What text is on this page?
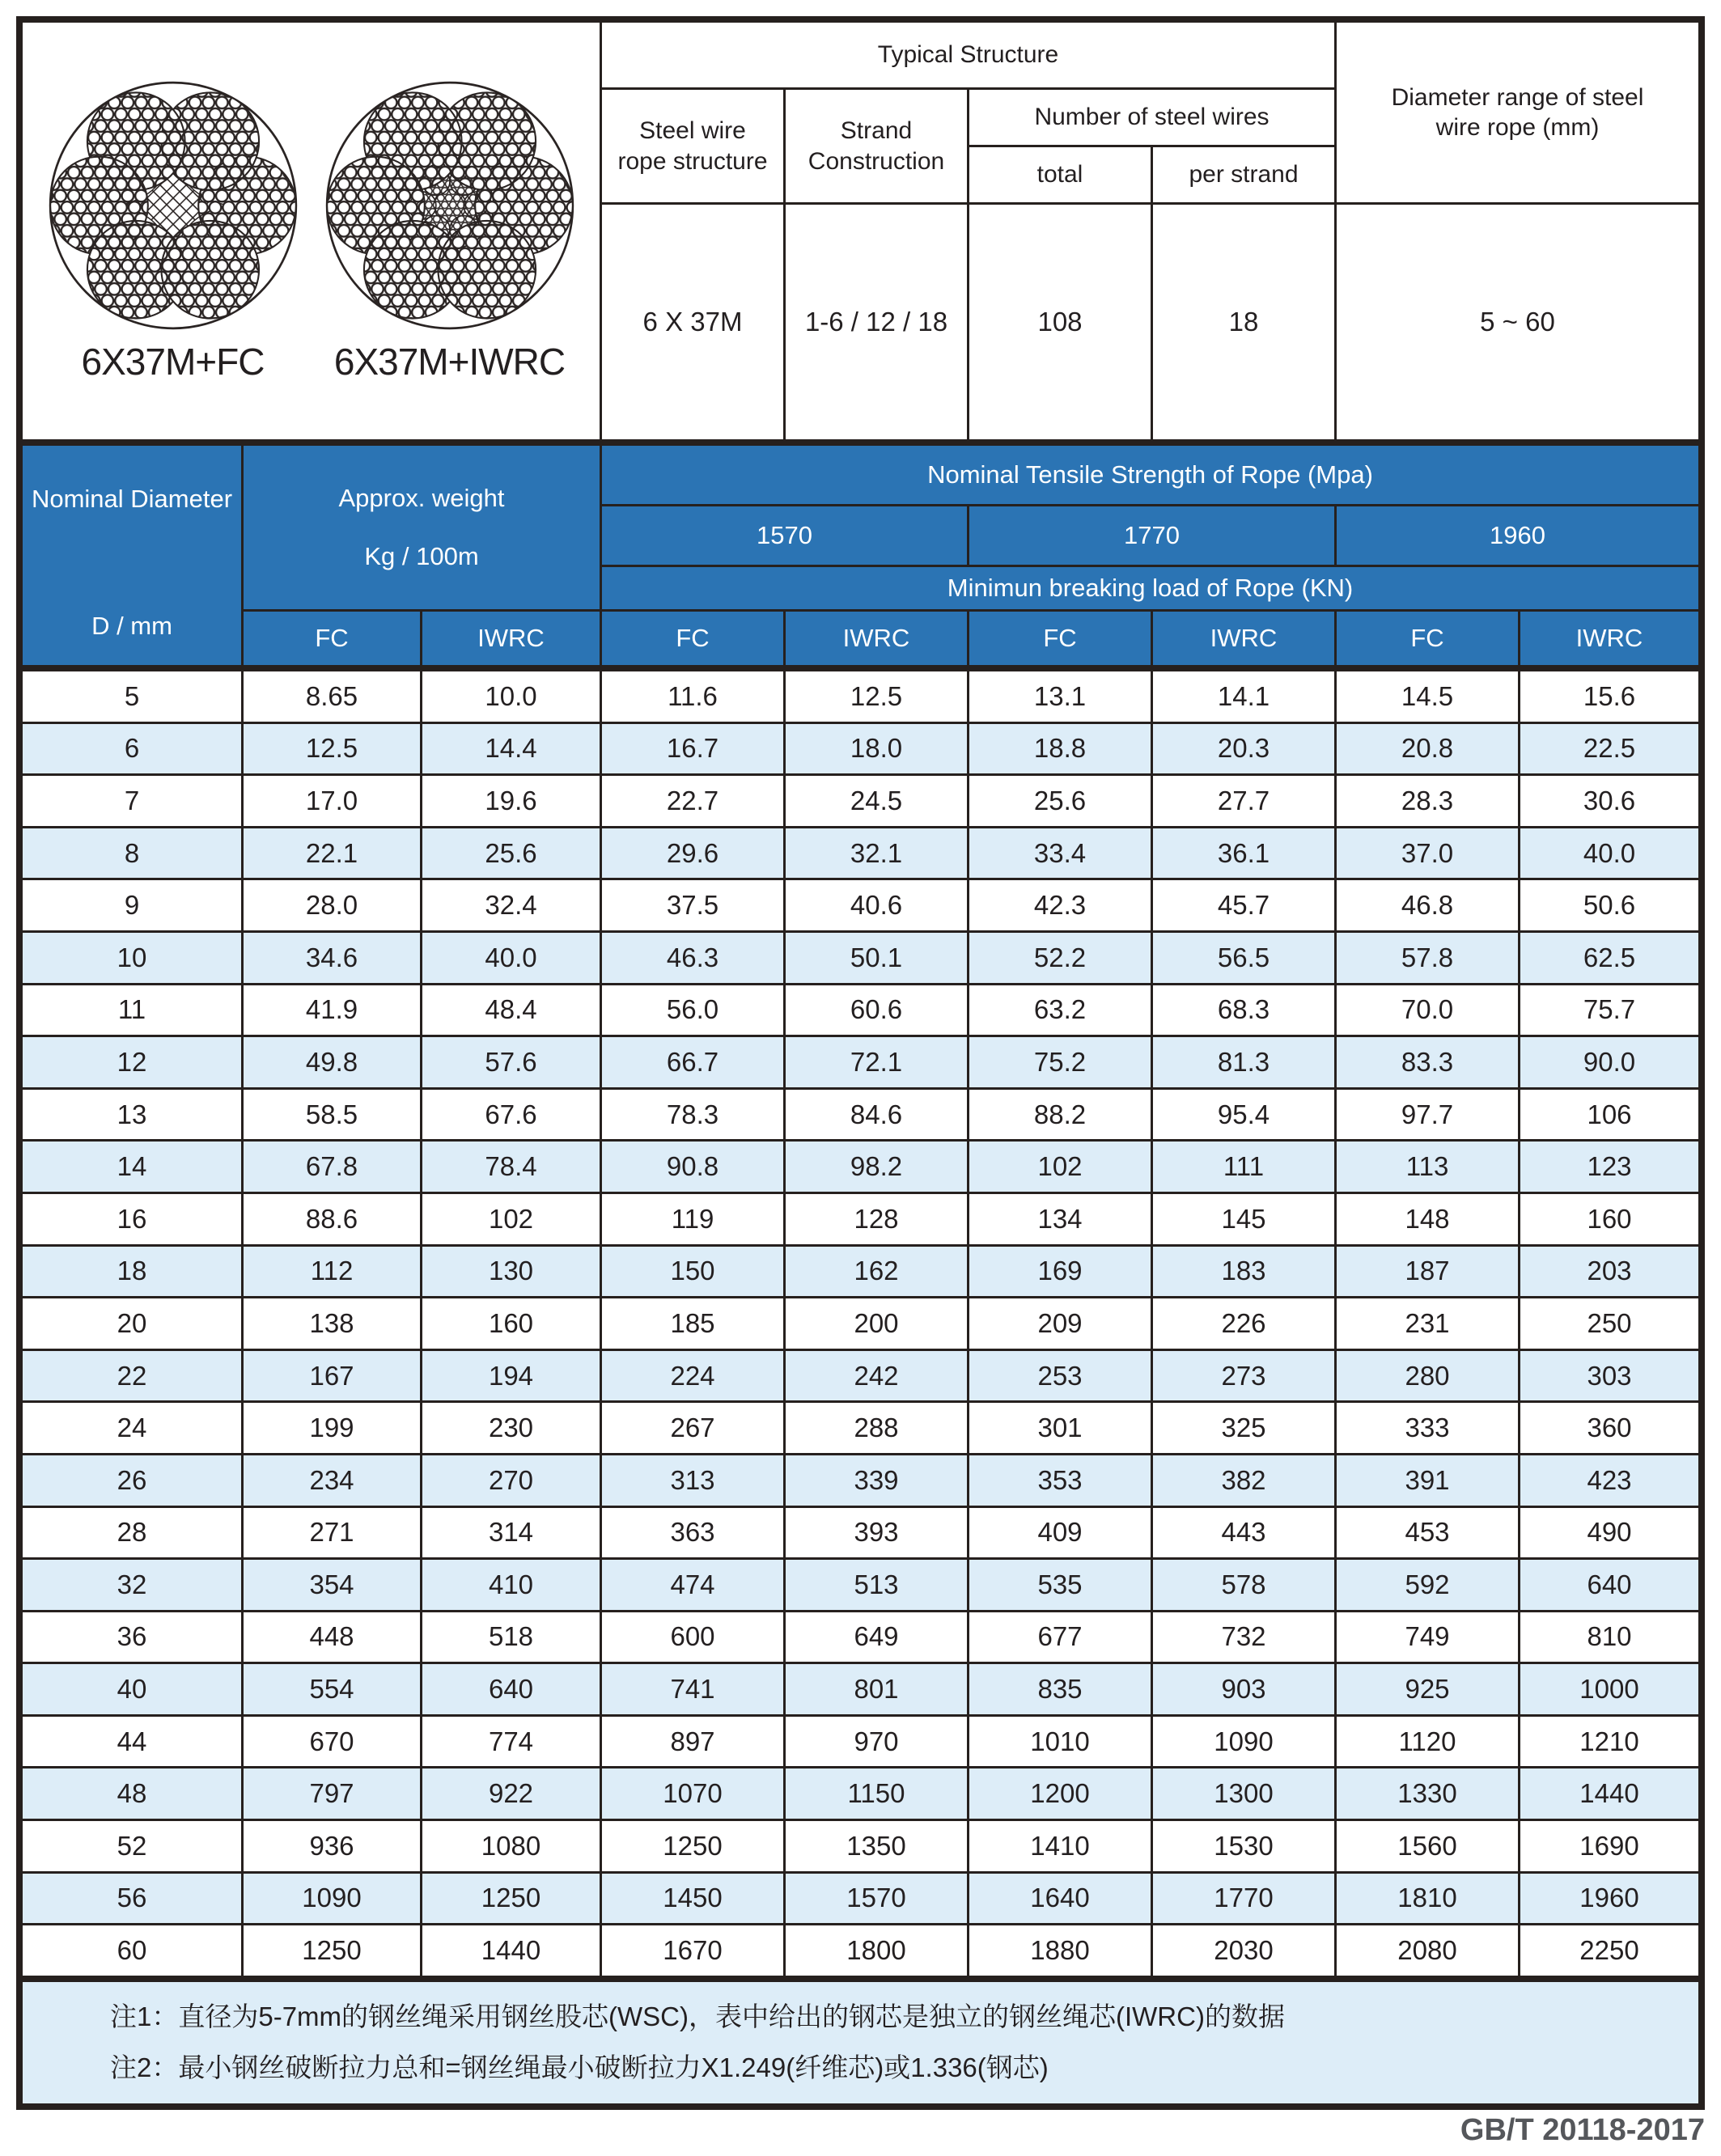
6X37M+FC 6X37M+IWRC
Typical Structure
Diameter range of steel wire rope (mm)
Steel wire rope structure
Strand Construction
Number of steel wires
total	per strand
6 X 37M	1-6 / 12 / 18	108	18	5 ~ 60
Nominal Diameter
D / mm
Approx. weight
Kg / 100m
Nominal Tensile Strength of Rope (Mpa)
1570	1770	1960
Minimun breaking load of Rope (KN)
FC	IWRC	FC	IWRC	FC	IWRC	FC	IWRC
注1：直径为5-7mm的钢丝绳采用钢丝股芯(WSC)，表中给出的钢芯是独立的钢丝绳芯(IWRC)的数据
注2：最小钢丝破断拉力总和=钢丝绳最小破断拉力X1.249(纤维芯)或1.336(钢芯)
5	8.65	10.0	11.6	12.5	13.1	14.1	14.5	15.6
6	12.5	14.4	16.7	18.0	18.8	20.3	20.8	22.5
7	17.0	19.6	22.7	24.5	25.6	27.7	28.3	30.6
8	22.1	25.6	29.6	32.1	33.4	36.1	37.0	40.0
9	28.0	32.4	37.5	40.6	42.3	45.7	46.8	50.6
10	34.6	40.0	46.3	50.1	52.2	56.5	57.8	62.5
11	41.9	48.4	56.0	60.6	63.2	68.3	70.0	75.7
12	49.8	57.6	66.7	72.1	75.2	81.3	83.3	90.0
13	58.5	67.6	78.3	84.6	88.2	95.4	97.7	106
14	67.8	78.4	90.8	98.2	102	111	113	123
16	88.6	102	119	128	134	145	148	160
18	112	130	150	162	169	183	187	203
20	138	160	185	200	209	226	231	250
22	167	194	224	242	253	273	280	303
24	199	230	267	288	301	325	333	360
26	234	270	313	339	353	382	391	423
28	271	314	363	393	409	443	453	490
32	354	410	474	513	535	578	592	640
36	448	518	600	649	677	732	749	810
40	554	640	741	801	835	903	925	1000
44	670	774	897	970	1010	1090	1120	1210
48	797	922	1070	1150	1200	1300	1330	1440
52	936	1080	1250	1350	1410	1530	1560	1690
56	1090	1250	1450	1570	1640	1770	1810	1960
60	1250	1440	1670	1800	1880	2030	2080	2250
GB/T 20118-2017
